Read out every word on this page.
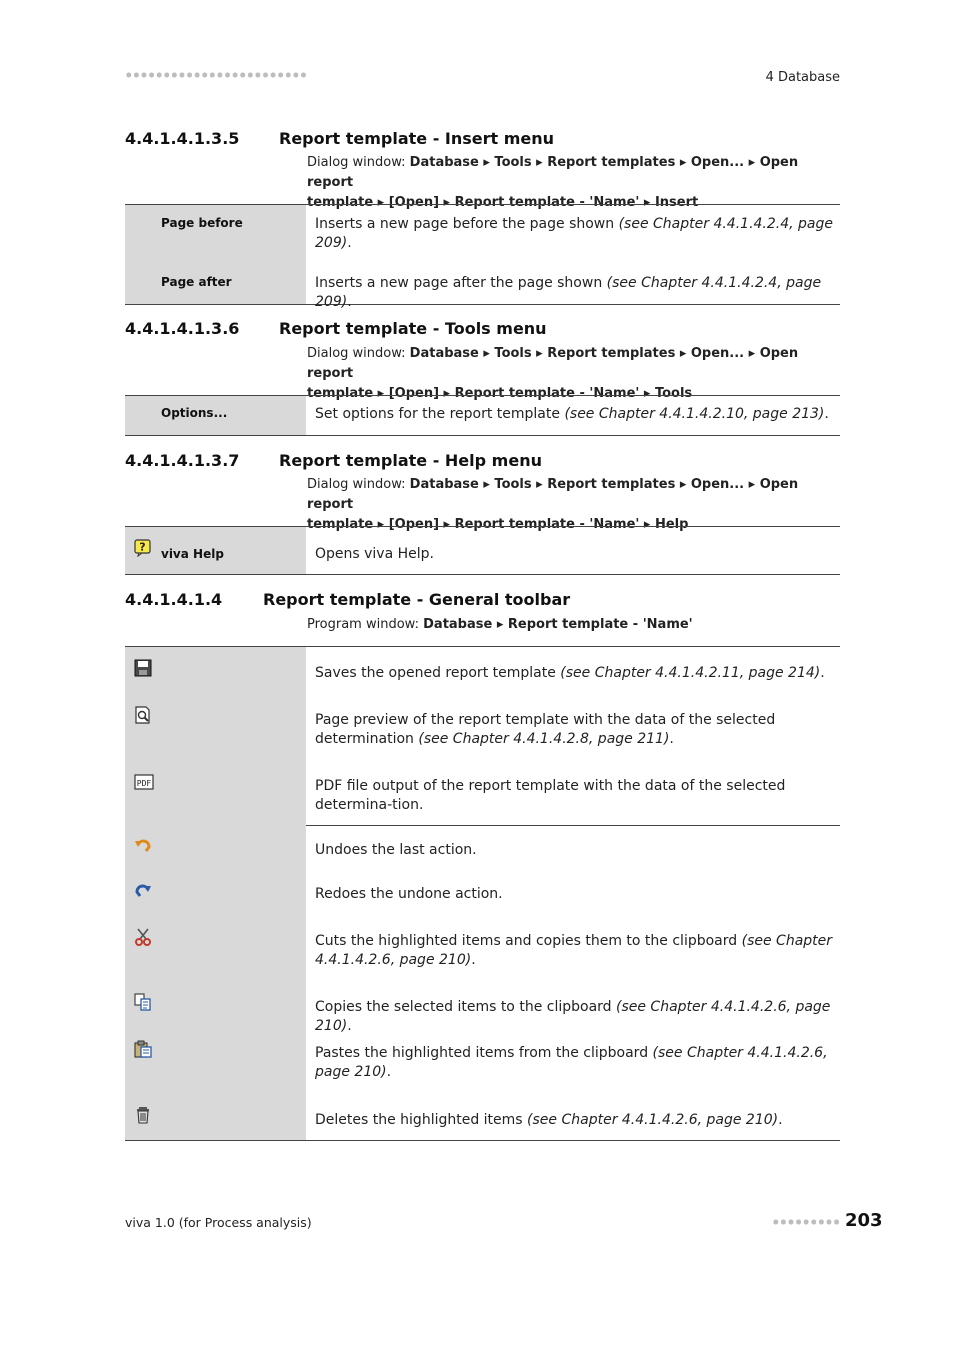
4 Database
4.4.1.4.1.3.5 Report template - Insert menu
Dialog window: Database ▸ Tools ▸ Report templates ▸ Open... ▸ Open report
template ▸ [Open] ▸ Report template - 'Name' ▸ Insert
Page before	Inserts a new page before the page shown (see Chapter 4.4.1.4.2.4, page 209).
Page after	Inserts a new page after the page shown (see Chapter 4.4.1.4.2.4, page 209).
4.4.1.4.1.3.6 Report template - Tools menu
Dialog window: Database ▸ Tools ▸ Report templates ▸ Open... ▸ Open report
template ▸ [Open] ▸ Report template - 'Name' ▸ Tools
Options...	Set options for the report template (see Chapter 4.4.1.4.2.10, page 213).
4.4.1.4.1.3.7 Report template - Help menu
Dialog window: Database ▸ Tools ▸ Report templates ▸ Open... ▸ Open report
template ▸ [Open] ▸ Report template - 'Name' ▸ Help
? viva Help	Opens viva Help.
4.4.1.4.1.4	Report template - General toolbar
Program window: Database ▸ Report template - 'Name'
Saves the opened report template (see Chapter 4.4.1.4.2.11, page 214).
Page preview of the report template with the data of the selected determination (see Chapter 4.4.1.4.2.8, page 211).
PDF	PDF file output of the report template with the data of the selected determina-tion.
Undoes the last action.
Redoes the undone action.
Cuts the highlighted items and copies them to the clipboard (see Chapter 4.4.1.4.2.6, page 210).
Copies the selected items to the clipboard (see Chapter 4.4.1.4.2.6, page 210).
Pastes the highlighted items from the clipboard (see Chapter 4.4.1.4.2.6, page 210).
Deletes the highlighted items (see Chapter 4.4.1.4.2.6, page 210).
viva 1.0 (for Process analysis)	203
